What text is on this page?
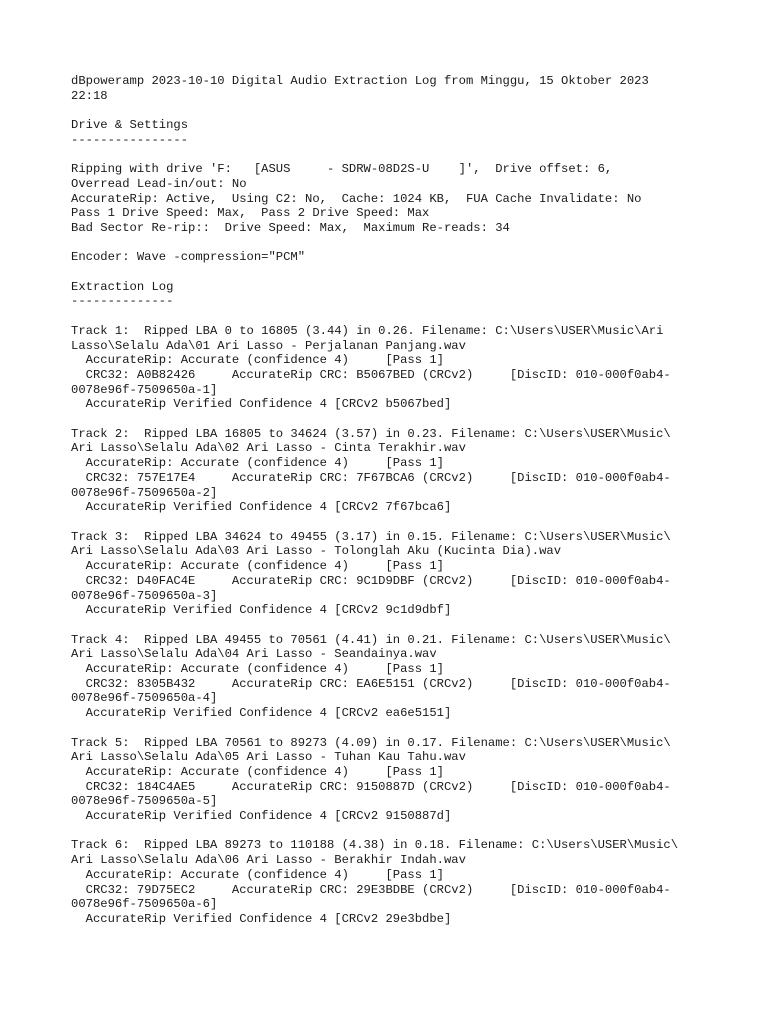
dBpoweramp 2023-10-10 Digital Audio Extraction Log from Minggu, 15 Oktober 2023
22:18
Drive & Settings
----------------
Ripping with drive 'F:   [ASUS     - SDRW-08D2S-U    ]',  Drive offset: 6,
Overread Lead-in/out: No
AccurateRip: Active,  Using C2: No,  Cache: 1024 KB,  FUA Cache Invalidate: No
Pass 1 Drive Speed: Max,  Pass 2 Drive Speed: Max
Bad Sector Re-rip::  Drive Speed: Max,  Maximum Re-reads: 34
Encoder: Wave -compression="PCM"
Extraction Log
--------------
Track 1:  Ripped LBA 0 to 16805 (3.44) in 0.26. Filename: C:\Users\USER\Music\Ari
Lasso\Selalu Ada\01 Ari Lasso - Perjalanan Panjang.wav
AccurateRip: Accurate (confidence 4)     [Pass 1]
CRC32: A0B82426     AccurateRip CRC: B5067BED (CRCv2)     [DiscID: 010-000f0ab4-
0078e96f-7509650a-1]
AccurateRip Verified Confidence 4 [CRCv2 b5067bed]
Track 2:  Ripped LBA 16805 to 34624 (3.57) in 0.23. Filename: C:\Users\USER\Music\
Ari Lasso\Selalu Ada\02 Ari Lasso - Cinta Terakhir.wav
AccurateRip: Accurate (confidence 4)     [Pass 1]
CRC32: 757E17E4     AccurateRip CRC: 7F67BCA6 (CRCv2)     [DiscID: 010-000f0ab4-
0078e96f-7509650a-2]
AccurateRip Verified Confidence 4 [CRCv2 7f67bca6]
Track 3:  Ripped LBA 34624 to 49455 (3.17) in 0.15. Filename: C:\Users\USER\Music\
Ari Lasso\Selalu Ada\03 Ari Lasso - Tolonglah Aku (Kucinta Dia).wav
AccurateRip: Accurate (confidence 4)     [Pass 1]
CRC32: D40FAC4E     AccurateRip CRC: 9C1D9DBF (CRCv2)     [DiscID: 010-000f0ab4-
0078e96f-7509650a-3]
AccurateRip Verified Confidence 4 [CRCv2 9c1d9dbf]
Track 4:  Ripped LBA 49455 to 70561 (4.41) in 0.21. Filename: C:\Users\USER\Music\
Ari Lasso\Selalu Ada\04 Ari Lasso - Seandainya.wav
AccurateRip: Accurate (confidence 4)     [Pass 1]
CRC32: 8305B432     AccurateRip CRC: EA6E5151 (CRCv2)     [DiscID: 010-000f0ab4-
0078e96f-7509650a-4]
AccurateRip Verified Confidence 4 [CRCv2 ea6e5151]
Track 5:  Ripped LBA 70561 to 89273 (4.09) in 0.17. Filename: C:\Users\USER\Music\
Ari Lasso\Selalu Ada\05 Ari Lasso - Tuhan Kau Tahu.wav
AccurateRip: Accurate (confidence 4)     [Pass 1]
CRC32: 184C4AE5     AccurateRip CRC: 9150887D (CRCv2)     [DiscID: 010-000f0ab4-
0078e96f-7509650a-5]
AccurateRip Verified Confidence 4 [CRCv2 9150887d]
Track 6:  Ripped LBA 89273 to 110188 (4.38) in 0.18. Filename: C:\Users\USER\Music\
Ari Lasso\Selalu Ada\06 Ari Lasso - Berakhir Indah.wav
AccurateRip: Accurate (confidence 4)     [Pass 1]
CRC32: 79D75EC2     AccurateRip CRC: 29E3BDBE (CRCv2)     [DiscID: 010-000f0ab4-
0078e96f-7509650a-6]
AccurateRip Verified Confidence 4 [CRCv2 29e3bdbe]
